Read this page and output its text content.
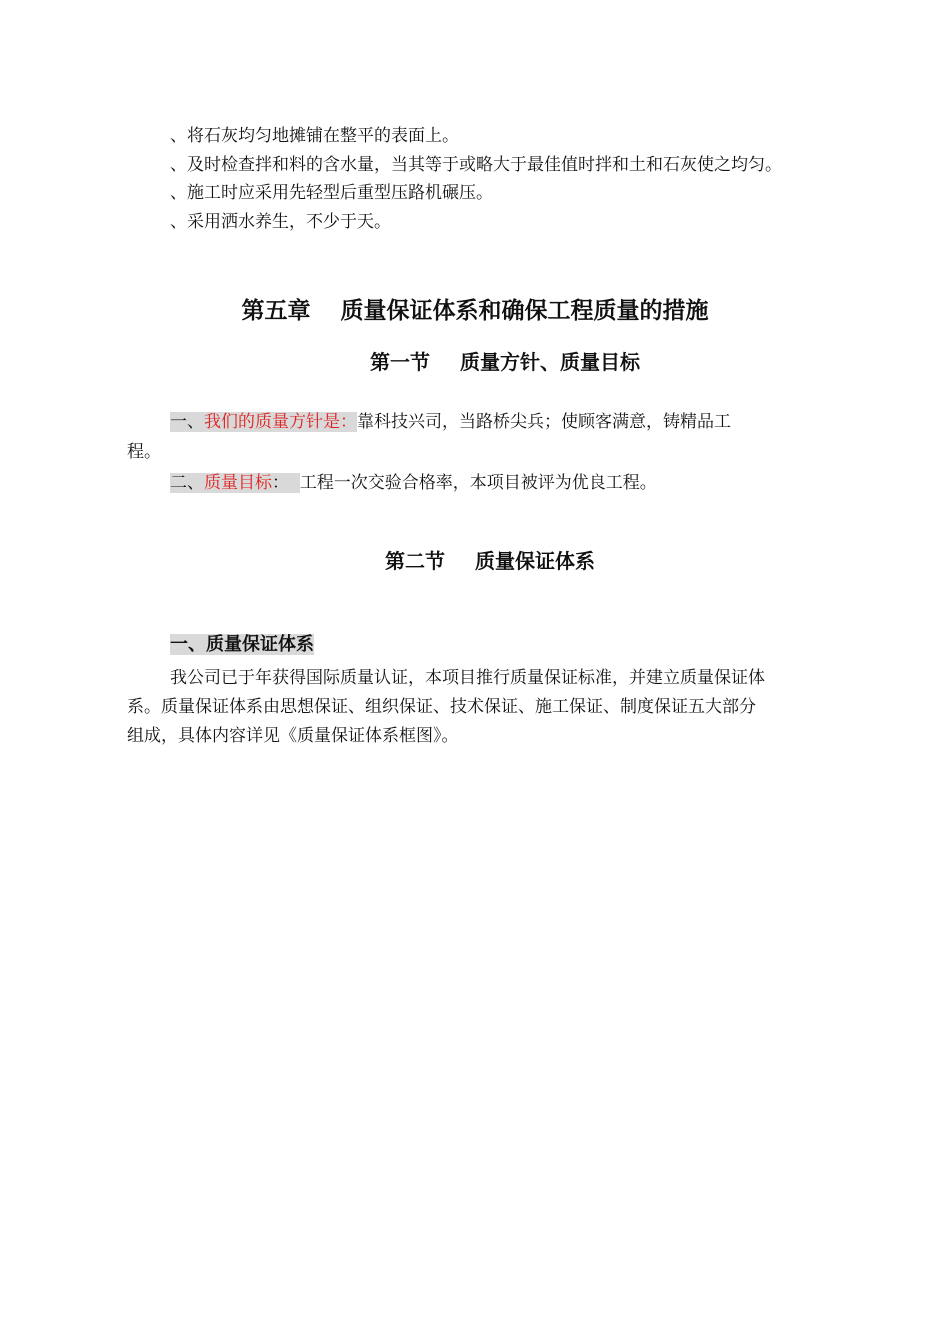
、将石灰均匀地摊铺在整平的表面上。
、及时检查拌和料的含水量，当其等于或略大于最佳值时拌和土和石灰使之均匀。
、施工时应采用先轻型后重型压路机碾压。
、采用洒水养生，不少于天。
第五章 质量保证体系和确保工程质量的措施
第一节 质量方针、质量目标
一、我们的质量方针是：靠科技兴司，当路桥尖兵；使顾客满意，铸精品工
程。
二、质量目标： 工程一次交验合格率，本项目被评为优良工程。
第二节 质量保证体系
一、质量保证体系
我公司已于年获得国际质量认证，本项目推行质量保证标准，并建立质量保证体
系。质量保证体系由思想保证、组织保证、技术保证、施工保证、制度保证五大部分
组成，具体内容详见《质量保证体系框图》。
